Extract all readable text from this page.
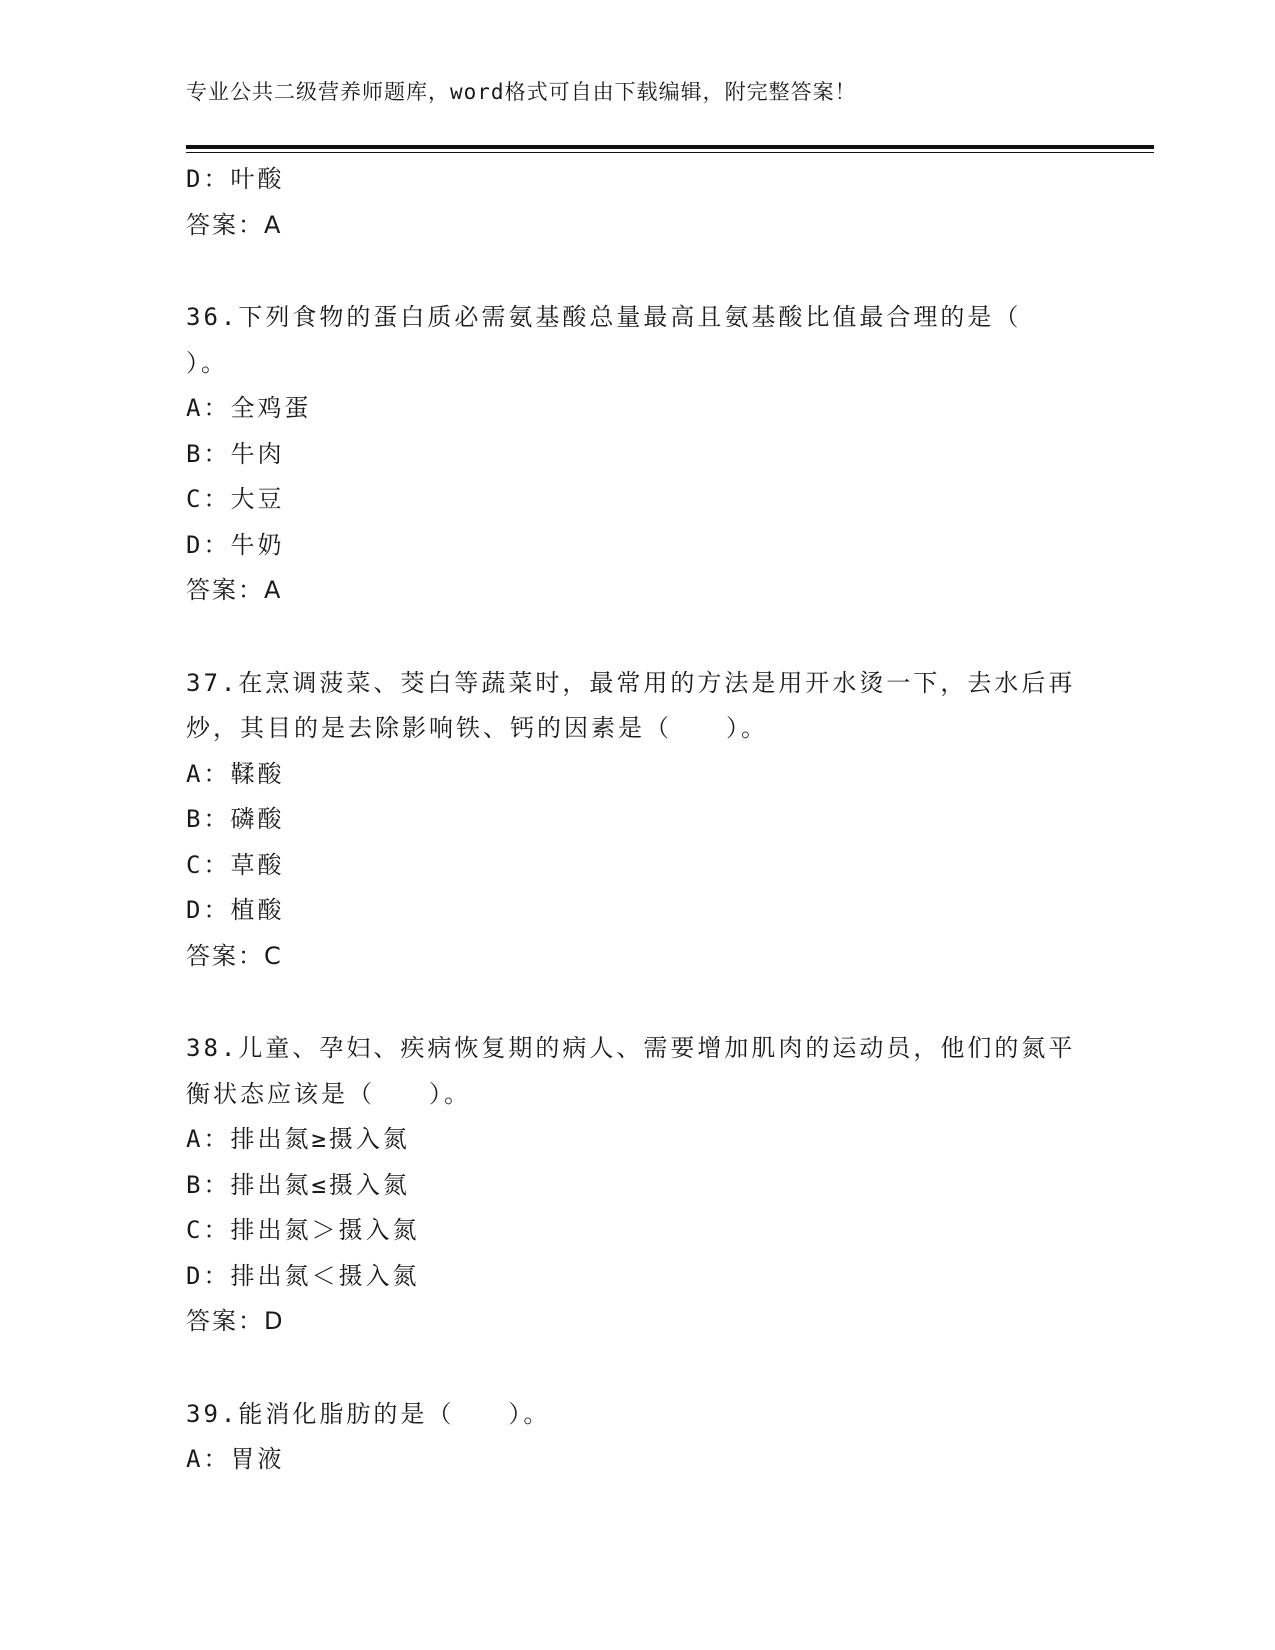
专业公共二级营养师题库，word格式可自由下载编辑，附完整答案！
D：叶酸
答案：A
36.下列食物的蛋白质必需氨基酸总量最高且氨基酸比值最合理的是（ ）。
A：全鸡蛋
B：牛肉
C：大豆
D：牛奶
答案：A
37.在烹调菠菜、茭白等蔬菜时，最常用的方法是用开水烫一下，去水后再炒，其目的是去除影响铁、钙的因素是（　　）。
A：鞣酸
B：磷酸
C：草酸
D：植酸
答案：C
38.儿童、孕妇、疾病恢复期的病人、需要增加肌肉的运动员，他们的氮平衡状态应该是（　　）。
A：排出氮≥摄入氮
B：排出氮≤摄入氮
C：排出氮＞摄入氮
D：排出氮＜摄入氮
答案：D
39.能消化脂肪的是（　　）。
A：胃液
